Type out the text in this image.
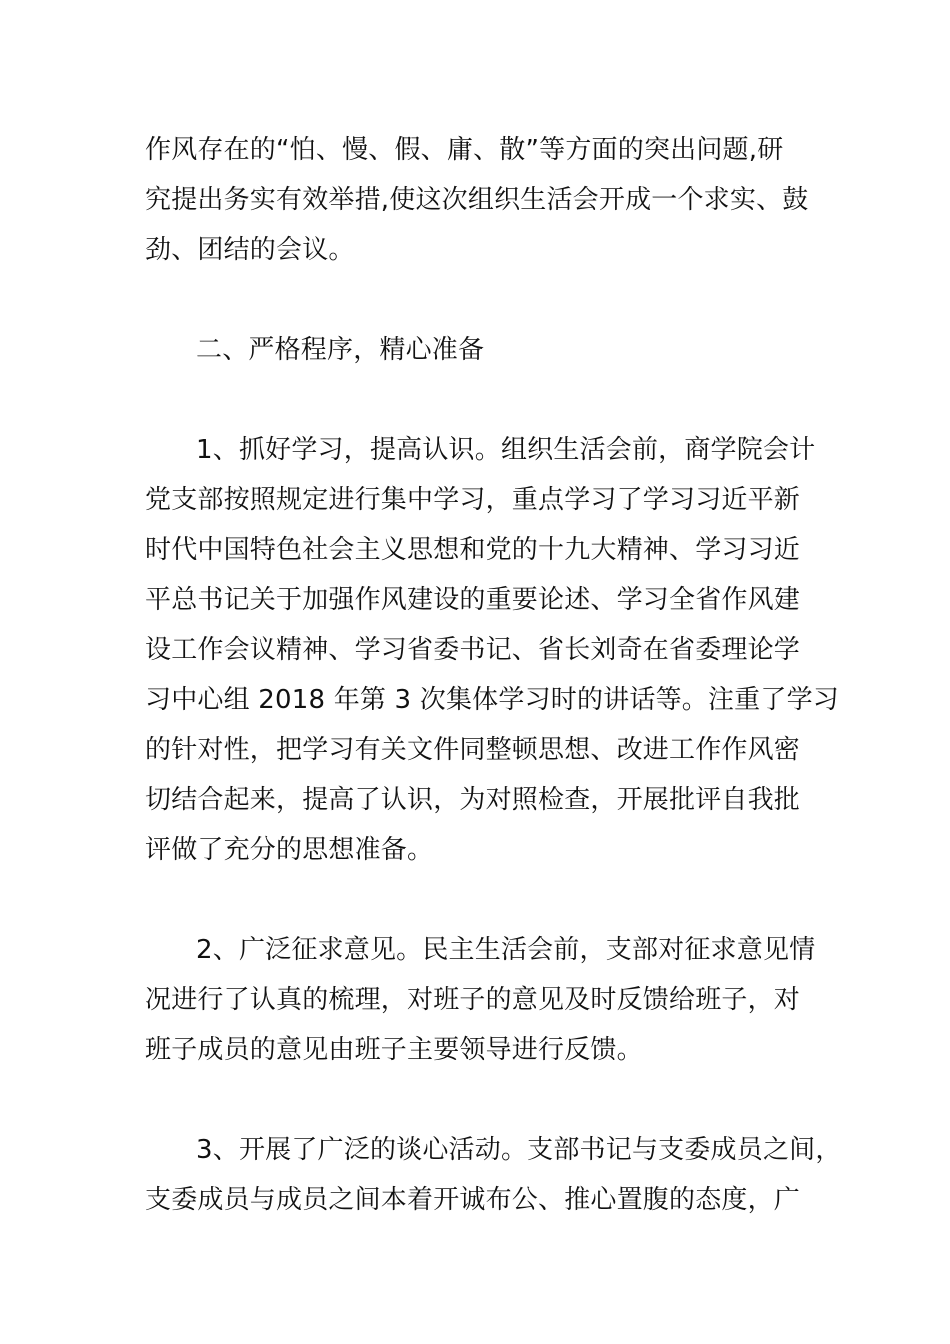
作风存在的“怕、慢、假、庸、散”等方面的突出问题,研
究提出务实有效举措,使这次组织生活会开成一个求实、鼓
劲、团结的会议。
二、严格程序，精心准备
1、抓好学习，提高认识。组织生活会前，商学院会计
党支部按照规定进行集中学习，重点学习了学习习近平新
时代中国特色社会主义思想和党的十九大精神、学习习近
平总书记关于加强作风建设的重要论述、学习全省作风建
设工作会议精神、学习省委书记、省长刘奇在省委理论学
习中心组 2018 年第 3 次集体学习时的讲话等。注重了学习
的针对性，把学习有关文件同整顿思想、改进工作作风密
切结合起来，提高了认识，为对照检查，开展批评自我批
评做了充分的思想准备。
2、广泛征求意见。民主生活会前，支部对征求意见情
况进行了认真的梳理，对班子的意见及时反馈给班子，对
班子成员的意见由班子主要领导进行反馈。
3、开展了广泛的谈心活动。支部书记与支委成员之间，
支委成员与成员之间本着开诚布公、推心置腹的态度，广
